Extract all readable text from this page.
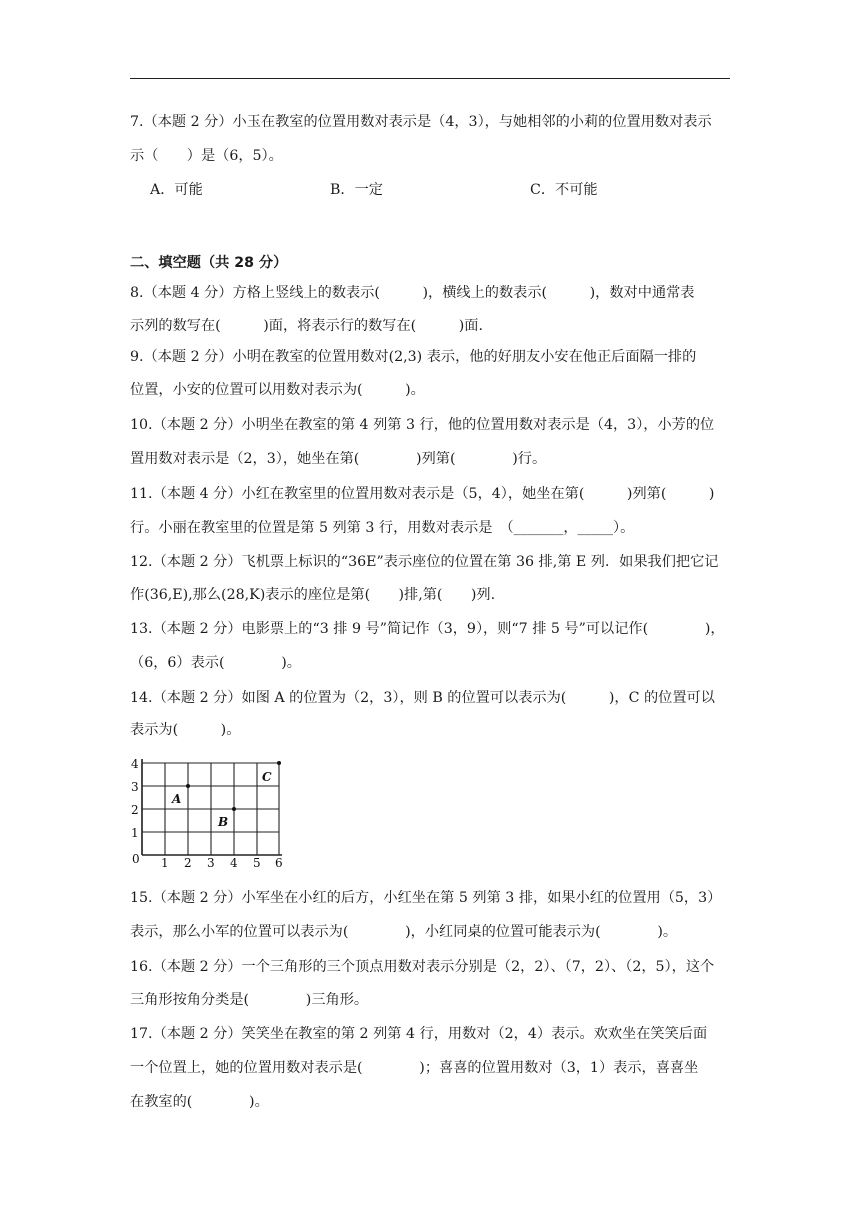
7.（本题 2 分）小玉在教室的位置用数对表示是（4，3），与她相邻的小莉的位置用数对表示
示（　　）是（6，5）。
A．可能	B．一定	C．不可能
二、填空题（共 28 分）
8.（本题 4 分）方格上竖线上的数表示(　　　)，横线上的数表示(　　　)，数对中通常表
示列的数写在(　　　)面，将表示行的数写在(　　　)面.
9.（本题 2 分）小明在教室的位置用数对(2,3) 表示，他的好朋友小安在他正后面隔一排的
位置，小安的位置可以用数对表示为(　　　)。
10.（本题 2 分）小明坐在教室的第 4 列第 3 行，他的位置用数对表示是（4，3），小芳的位
置用数对表示是（2，3），她坐在第(　　　　)列第(　　　　)行。
11.（本题 4 分）小红在教室里的位置用数对表示是（5，4），她坐在第(　　　)列第(　　　)
行。小丽在教室里的位置是第 5 列第 3 行，用数对表示是　（_______，_____）。
12.（本题 2 分）飞机票上标识的“36E”表示座位的位置在第 36 排,第 E 列．如果我们把它记
作(36,E),那么(28,K)表示的座位是第(　　)排,第(　　)列.
13.（本题 2 分）电影票上的“3 排 9 号”简记作（3，9），则“7 排 5 号”可以记作(　　　　)，
（6，6）表示(　　　　)。
14.（本题 2 分）如图 A 的位置为（2，3），则 B 的位置可以表示为(　　　)，C 的位置可以
表示为(　　　)。
0 1 2 3 4 5 6
1
2
3
4
A
B
C
15.（本题 2 分）小军坐在小红的后方，小红坐在第 5 列第 3 排，如果小红的位置用（5，3）
表示，那么小军的位置可以表示为(　　　　)，小红同桌的位置可能表示为(　　　　)。
16.（本题 2 分）一个三角形的三个顶点用数对表示分别是（2，2）、（7，2）、（2，5），这个
三角形按角分类是(　　　　)三角形。
17.（本题 2 分）笑笑坐在教室的第 2 列第 4 行，用数对（2，4）表示。欢欢坐在笑笑后面
一个位置上，她的位置用数对表示是(　　　　)；喜喜的位置用数对（3，1）表示，喜喜坐
在教室的(　　　　)。
